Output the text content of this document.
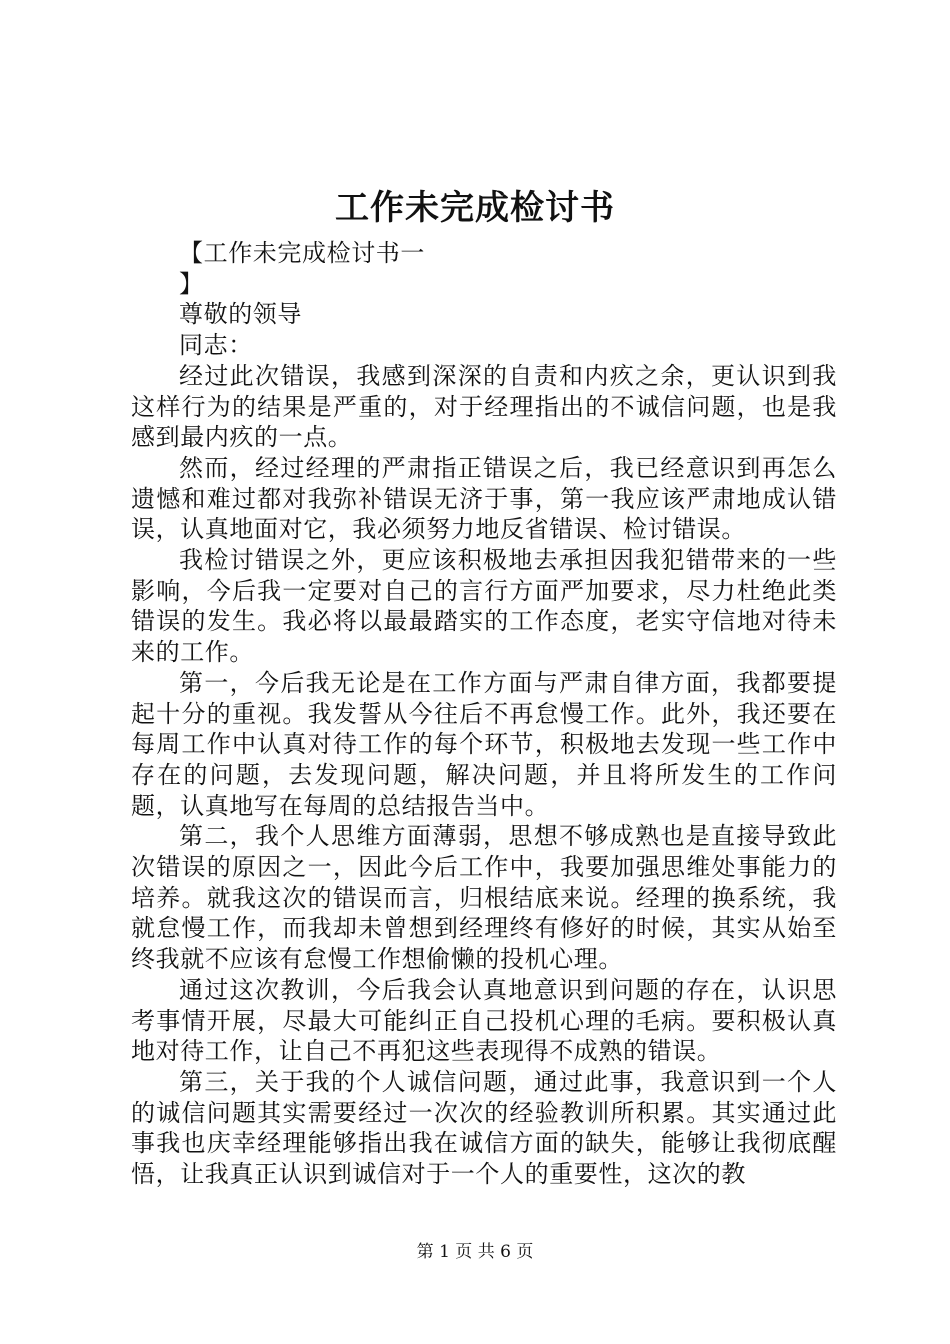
工作未完成检讨书

【工作未完成检讨书一

】

尊敬的领导

同志：

经过此次错误，我感到深深的自责和内疚之余，更认识到我这样行为的结果是严重的，对于经理指出的不诚信问题，也是我感到最内疚的一点。

然而，经过经理的严肃指正错误之后，我已经意识到再怎么遗憾和难过都对我弥补错误无济于事，第一我应该严肃地成认错误，认真地面对它，我必须努力地反省错误、检讨错误。

我检讨错误之外，更应该积极地去承担因我犯错带来的一些影响，今后我一定要对自己的言行方面严加要求，尽力杜绝此类错误的发生。我必将以最最踏实的工作态度，老实守信地对待未来的工作。

第一，今后我无论是在工作方面与严肃自律方面，我都要提起十分的重视。我发誓从今往后不再怠慢工作。此外，我还要在每周工作中认真对待工作的每个环节，积极地去发现一些工作中存在的问题，去发现问题，解决问题，并且将所发生的工作问题，认真地写在每周的总结报告当中。

第二，我个人思维方面薄弱，思想不够成熟也是直接导致此次错误的原因之一，因此今后工作中，我要加强思维处事能力的培养。就我这次的错误而言，归根结底来说。经理的换系统，我就怠慢工作，而我却未曾想到经理终有修好的时候，其实从始至终我就不应该有怠慢工作想偷懒的投机心理。

通过这次教训，今后我会认真地意识到问题的存在，认识思考事情开展，尽最大可能纠正自己投机心理的毛病。要积极认真地对待工作，让自己不再犯这些表现得不成熟的错误。

第三，关于我的个人诚信问题，通过此事，我意识到一个人的诚信问题其实需要经过一次次的经验教训所积累。其实通过此事我也庆幸经理能够指出我在诚信方面的缺失，能够让我彻底醒悟，让我真正认识到诚信对于一个人的重要性，这次的教

第 1 页 共 6 页
